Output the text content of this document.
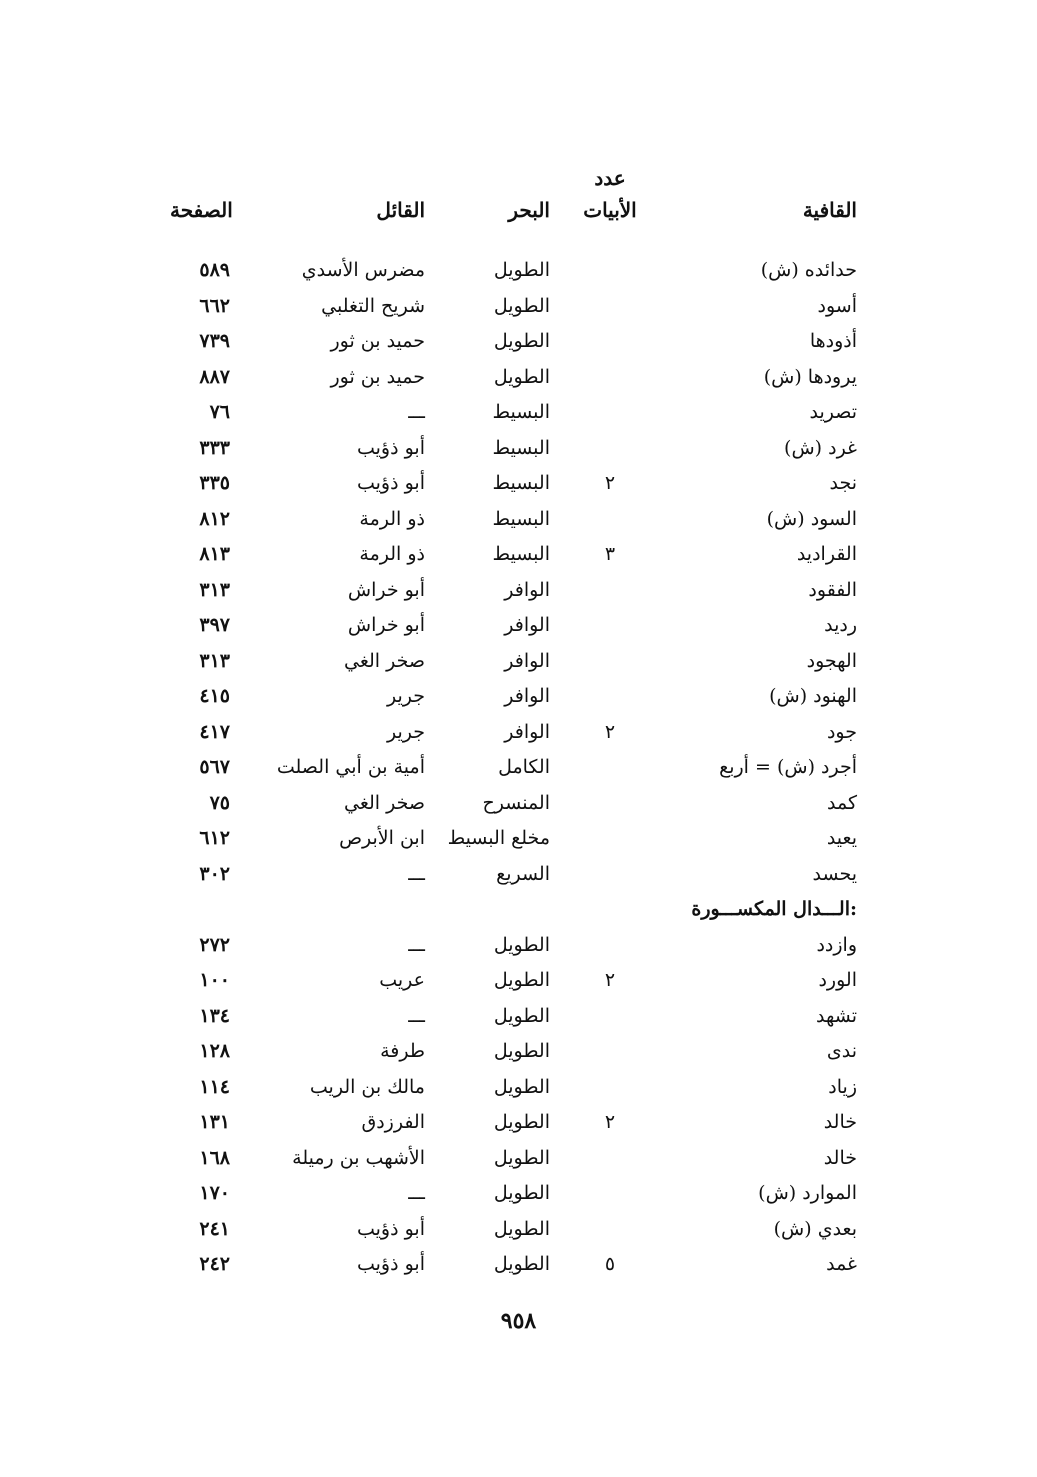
عدد
القافية
الأبيات
البحر
القائل
الصفحة
حدائده (ش)
الطويل
مضرس الأسدي
٥٨٩
أسود
الطويل
شريح التغلبي
٦٦٢
أذودها
الطويل
حميد بن ثور
٧٣٩
يرودها (ش)
الطويل
حميد بن ثور
٨٨٧
تصريد
البسيط
ـــ
٧٦
غرد (ش)
البسيط
أبو ذؤيب
٣٣٣
نجد
٢
البسيط
أبو ذؤيب
٣٣٥
السود (ش)
البسيط
ذو الرمة
٨١٢
القراديد
٣
البسيط
ذو الرمة
٨١٣
الفقود
الوافر
أبو خراش
٣١٣
رديد
الوافر
أبو خراش
٣٩٧
الهجود
الوافر
صخر الغي
٣١٣
الهنود (ش)
الوافر
جرير
٤١٥
جود
٢
الوافر
جرير
٤١٧
أجرد (ش) = أربع
الكامل
أمية بن أبي الصلت
٥٦٧
كمد
المنسرح
صخر الغي
٧٥
يعيد
مخلع البسيط
ابن الأبرص
٦١٢
يحسد
السريع
ـــ
٣٠٢
الـــدال المكســـورة:
وازدد
الطويل
ـــ
٢٧٢
الورد
٢
الطويل
عريب
١٠٠
تشهد
الطويل
ـــ
١٣٤
ندى
الطويل
طرفة
١٢٨
زياد
الطويل
مالك بن الريب
١١٤
خالد
٢
الطويل
الفرزدق
١٣١
خالد
الطويل
الأشهب بن رميلة
١٦٨
الموارد (ش)
الطويل
ـــ
١٧٠
بعدي (ش)
الطويل
أبو ذؤيب
٢٤١
غمد
٥
الطويل
أبو ذؤيب
٢٤٢
٩٥٨
